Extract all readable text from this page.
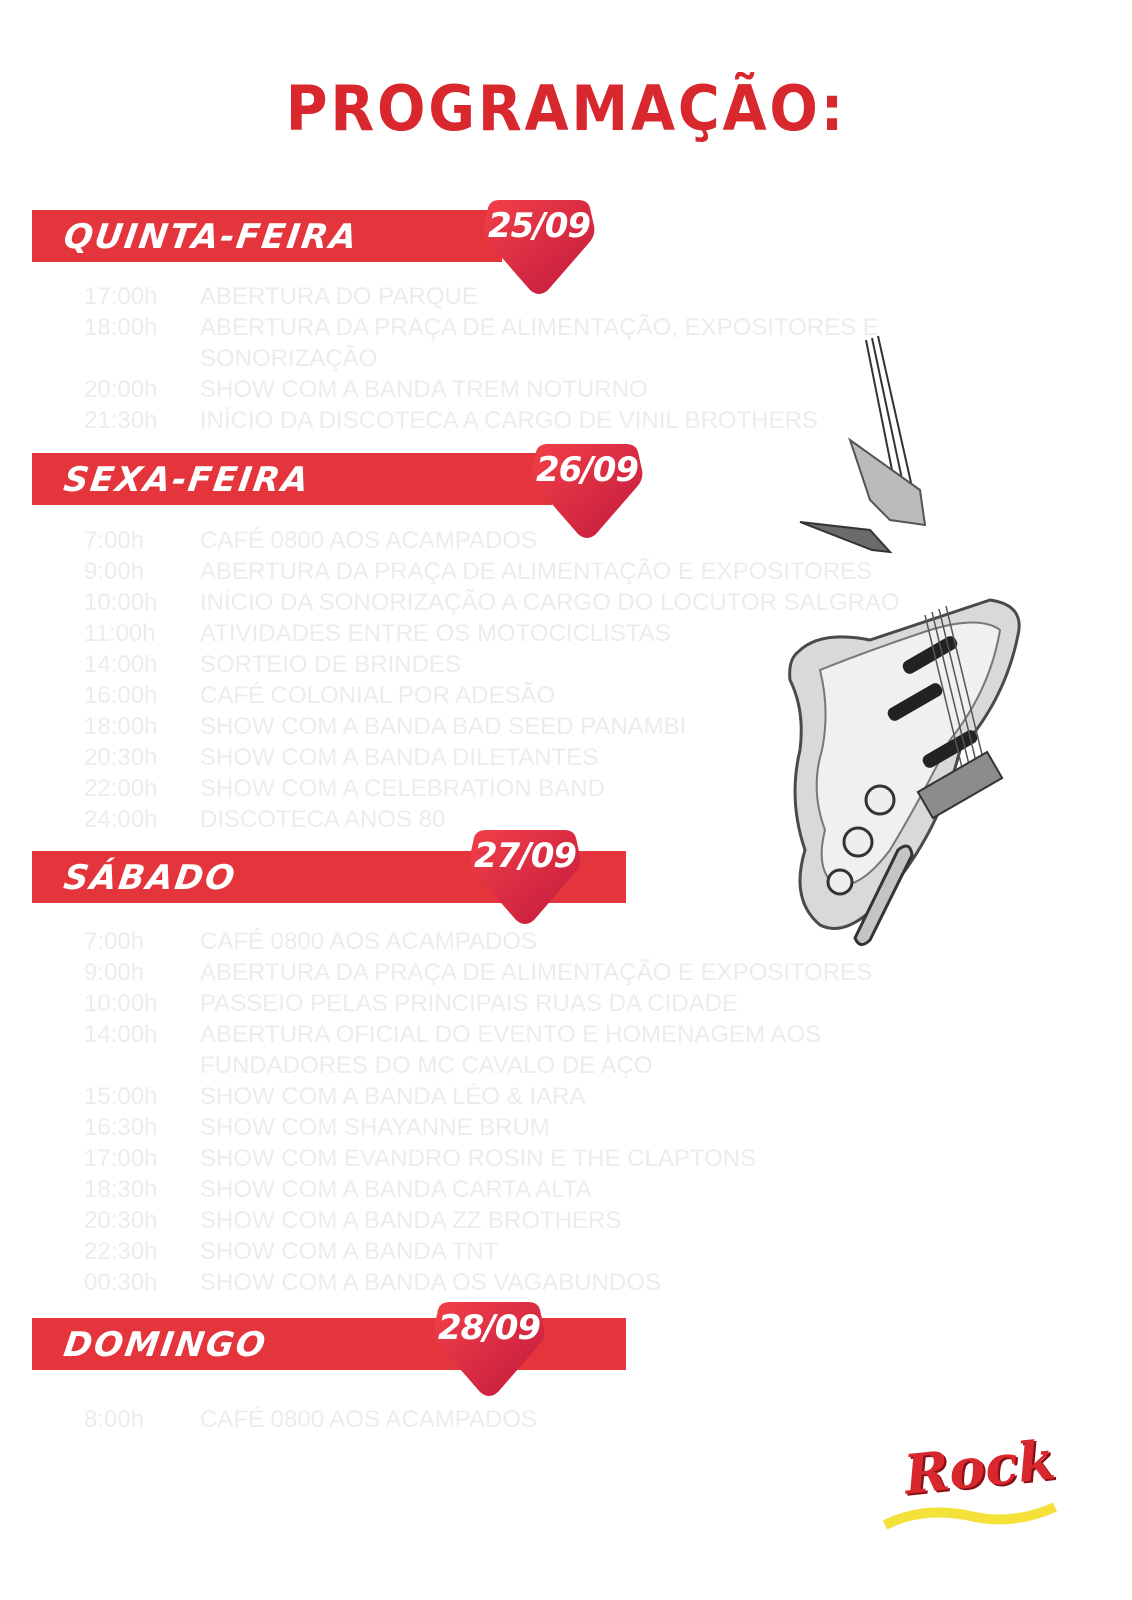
PROGRAMAÇÃO:
QUINTA-FEIRA	25/09
17:00h	ABERTURA DO PARQUE
18:00h	ABERTURA DA PRAÇA DE ALIMENTAÇÃO, EXPOSITORES E SONORIZAÇÃO
20:00h	SHOW COM A BANDA TREM NOTURNO
21:30h	INÍCIO DA DISCOTECA A CARGO DE VINIL BROTHERS
SEXA-FEIRA	26/09
7:00h	CAFÉ 0800 AOS ACAMPADOS
9:00h	ABERTURA DA PRAÇA DE ALIMENTAÇÃO E EXPOSITORES
10:00h	INÍCIO DA SONORIZAÇÃO A CARGO DO LOCUTOR SALGRAO
11:00h	ATIVIDADES ENTRE OS MOTOCICLISTAS
14:00h	SORTEIO DE BRINDES
16:00h	CAFÉ COLONIAL POR ADESÃO
18:00h	SHOW COM A BANDA BAD SEED PANAMBI
20:30h	SHOW COM A BANDA DILETANTES
22:00h	SHOW COM A CELEBRATION BAND
24:00h	DISCOTECA ANOS 80
SÁBADO
27/09
7:00h	CAFÉ 0800 AOS ACAMPADOS
9:00h	ABERTURA DA PRAÇA DE ALIMENTAÇÃO E EXPOSITORES
10:00h	PASSEIO PELAS PRINCIPAIS RUAS DA CIDADE
14:00h	ABERTURA OFICIAL DO EVENTO E HOMENAGEM AOS FUNDADORES DO MC CAVALO DE AÇO
15:00h	SHOW COM A BANDA LÉO & IARA
16:30h	SHOW COM SHAYANNE BRUM
17:00h	SHOW COM EVANDRO ROSIN E THE CLAPTONS
18:30h	SHOW COM A BANDA CARTA ALTA
20:30h	SHOW COM A BANDA ZZ BROTHERS
22:30h	SHOW COM A BANDA TNT
00:30h	SHOW COM A BANDA OS VAGABUNDOS
DOMINGO	28/09
8:00h	CAFÉ 0800 AOS ACAMPADOS
Rock
